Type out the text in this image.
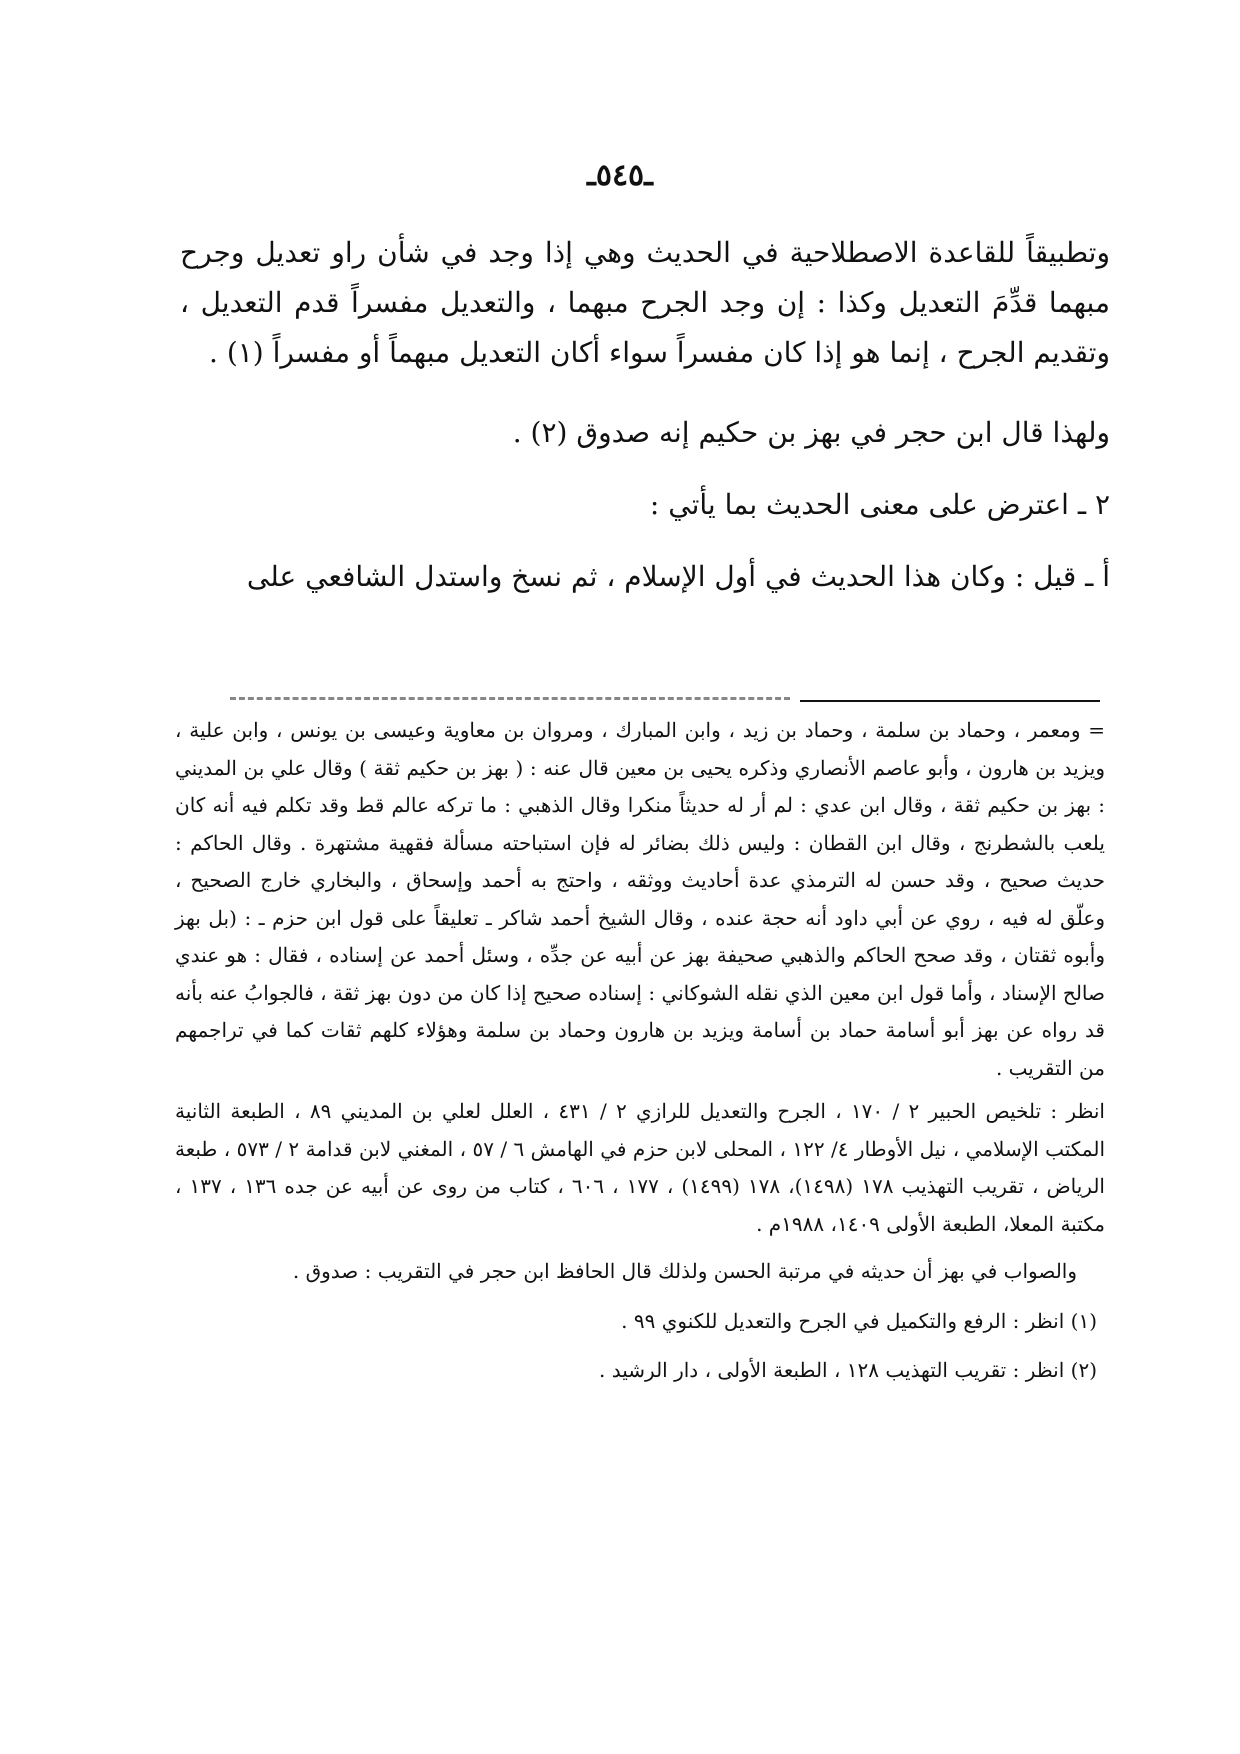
ـ٥٤٥ـ

وتطبيقاً للقاعدة الاصطلاحية في الحديث وهي إذا وجد في شأن راو تعديل وجرح مبهما قدِّمَ التعديل وكذا : إن وجد الجرح مبهما ، والتعديل مفسراً قدم التعديل ، وتقديم الجرح ، إنما هو إذا كان مفسراً سواء أكان التعديل مبهماً أو مفسراً (١) .

ولهذا قال ابن حجر في بهز بن حكيم إنه صدوق (٢) .

٢ ـ اعترض على معنى الحديث بما يأتي :

أ ـ قيل : وكان هذا الحديث في أول الإسلام ، ثم نسخ واستدل الشافعي على

= ومعمر ، وحماد بن سلمة ، وحماد بن زيد ، وابن المبارك ، ومروان بن معاوية وعيسى بن يونس ، وابن علية ، ويزيد بن هارون ، وأبو عاصم الأنصاري وذكره يحيى بن معين قال عنه : ( بهز بن حكيم ثقة ) وقال علي بن المديني : بهز بن حكيم ثقة ، وقال ابن عدي : لم أر له حديثاً منكرا وقال الذهبي : ما تركه عالم قط وقد تكلم فيه أنه كان يلعب بالشطرنج ، وقال ابن القطان : وليس ذلك بضائر له فإن استباحته مسألة فقهية مشتهرة . وقال الحاكم : حديث صحيح ، وقد حسن له الترمذي عدة أحاديث ووثقه ، واحتج به أحمد وإسحاق ، والبخاري خارج الصحيح ، وعلّق له فيه ، روي عن أبي داود أنه حجة عنده ، وقال الشيخ أحمد شاكر ـ تعليقاً على قول ابن حزم ـ : (بل بهز وأبوه ثقتان ، وقد صحح الحاكم والذهبي صحيفة بهز عن أبيه عن جدِّه ، وسئل أحمد عن إسناده ، فقال : هو عندي صالح الإسناد ، وأما قول ابن معين الذي نقله الشوكاني : إسناده صحيح إذا كان من دون بهز ثقة ، فالجوابُ عنه بأنه قد رواه عن بهز أبو أسامة حماد بن أسامة ويزيد بن هارون وحماد بن سلمة وهؤلاء كلهم ثقات كما في تراجمهم من التقريب .

انظر : تلخيص الحبير ٢ / ١٧٠ ، الجرح والتعديل للرازي ٢ / ٤٣١ ، العلل لعلي بن المديني ٨٩ ، الطبعة الثانية المكتب الإسلامي ، نيل الأوطار ٤/ ١٢٢ ، المحلى لابن حزم في الهامش ٦ / ٥٧ ، المغني لابن قدامة ٢ / ٥٧٣ ، طبعة الرياض ، تقريب التهذيب ١٧٨ (١٤٩٨)، ١٧٨ (١٤٩٩) ، ١٧٧ ، ٦٠٦ ، كتاب من روى عن أبيه عن جده ١٣٦ ، ١٣٧ ، مكتبة المعلا، الطبعة الأولى ١٤٠٩، ١٩٨٨م .

والصواب في بهز أن حديثه في مرتبة الحسن ولذلك قال الحافظ ابن حجر في التقريب : صدوق .

(١) انظر : الرفع والتكميل في الجرح والتعديل للكنوي ٩٩ .

(٢) انظر : تقريب التهذيب ١٢٨ ، الطبعة الأولى ، دار الرشيد .
